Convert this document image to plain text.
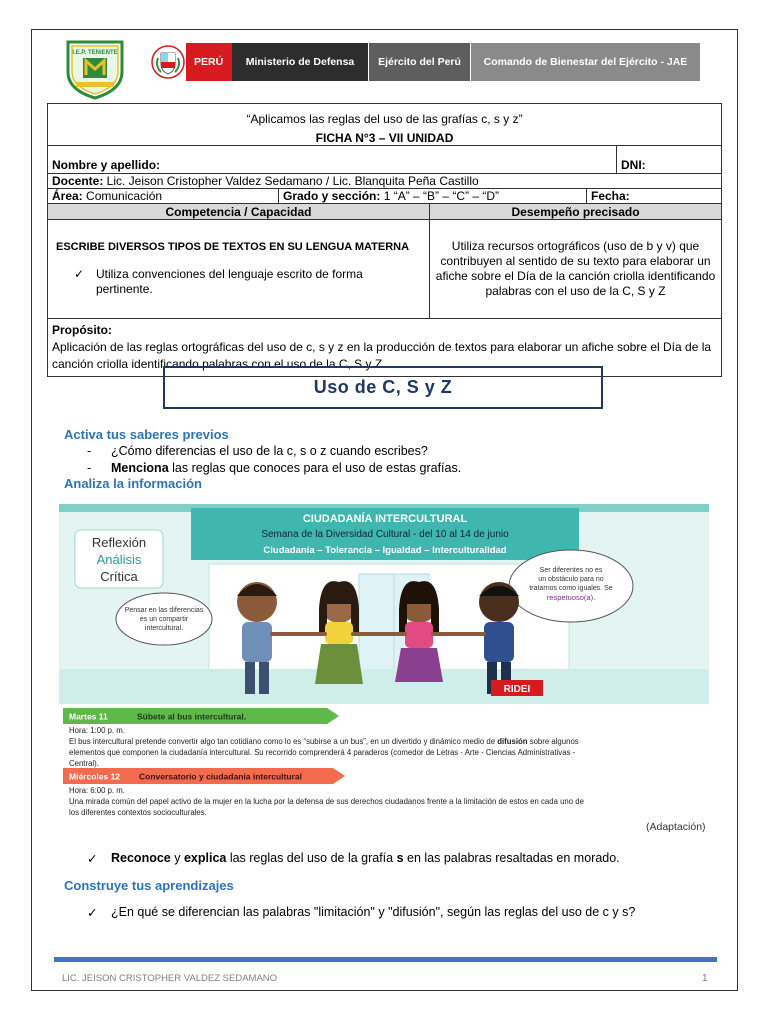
I.E.P. TENIENTE
PERÚ	Ministerio de Defensa	Ejército del Perú	Comando de Bienestar del Ejército - JAE
“Aplicamos las reglas del uso de las grafías c, s y z”				
FICHA N°3 – VII UNIDAD				
Nombre y apellido:				DNI:
Docente: Lic. Jeison Cristopher Valdez Sedamano / Lic. Blanquita Peña Castillo				
Área: Comunicación	Grado y sección: 1 “A” – “B” – “C” – “D”		Fecha:	
Competencia / Capacidad		Desempeño precisado		

ESCRIBE DIVERSOS TIPOS DE TEXTOS EN SU LENGUA MATERNA
✓ Utiliza convenciones del lenguaje escrito de forma pertinente.		Utiliza recursos ortográficos (uso de b y v) que contribuyen al sentido de su texto para elaborar un afiche sobre el Día de la canción criolla identificando palabras con el uso de la C, S y Z		
Propósito:
Aplicación de las reglas ortográficas del uso de c, s y z en la producción de textos para elaborar un afiche sobre el Día de la canción criolla identificando palabras con el uso de la C, S y Z.				
Uso de C, S y Z
Activa tus saberes previos
-	¿Cómo diferencias el uso de la c, s o z cuando escribes?
-	Menciona las reglas que conoces para el uso de estas grafías.
Analiza la información
CIUDADANÍA INTERCULTURAL
Semana de la Diversidad Cultural - del 10 al 14 de junio
Ciudadanía – Tolerancia – Igualdad – Interculturalidad
Reflexión
Análisis
Crítica
Pensar en las diferencias
es un compartir
intercultural.
Ser diferentes no es
un obstáculo para no
tratarnos como iguales. Se
respetuoso(a).
RIDEI
Martes 11	Súbete al bus intercultural.
Hora: 1:00 p. m.
El bus intercultural pretende convertir algo tan cotidiano como lo es “subirse a un bus”, en un divertido y dinámico medio de difusión sobre algunos
elementos que componen la ciudadanía intercultural. Su recorrido comprenderá 4 paraderos (comedor de Letras - Arte - Ciencias Administrativas -
Central).
Miércoles 12 Conversatorio y ciudadanía intercultural
Hora: 6:00 p. m.
Una mirada común del papel activo de la mujer en la lucha por la defensa de sus derechos ciudadanos frente a la limitación de estos en cada uno de
los diferentes contextos socioculturales.
(Adaptación)
✓	Reconoce y explica las reglas del uso de la grafía s en las palabras resaltadas en morado.
Construye tus aprendizajes
✓	¿En qué se diferencian las palabras "limitación" y "difusión", según las reglas del uso de c y s?
LIC. JEISON CRISTOPHER VALDEZ SEDAMANO	1
